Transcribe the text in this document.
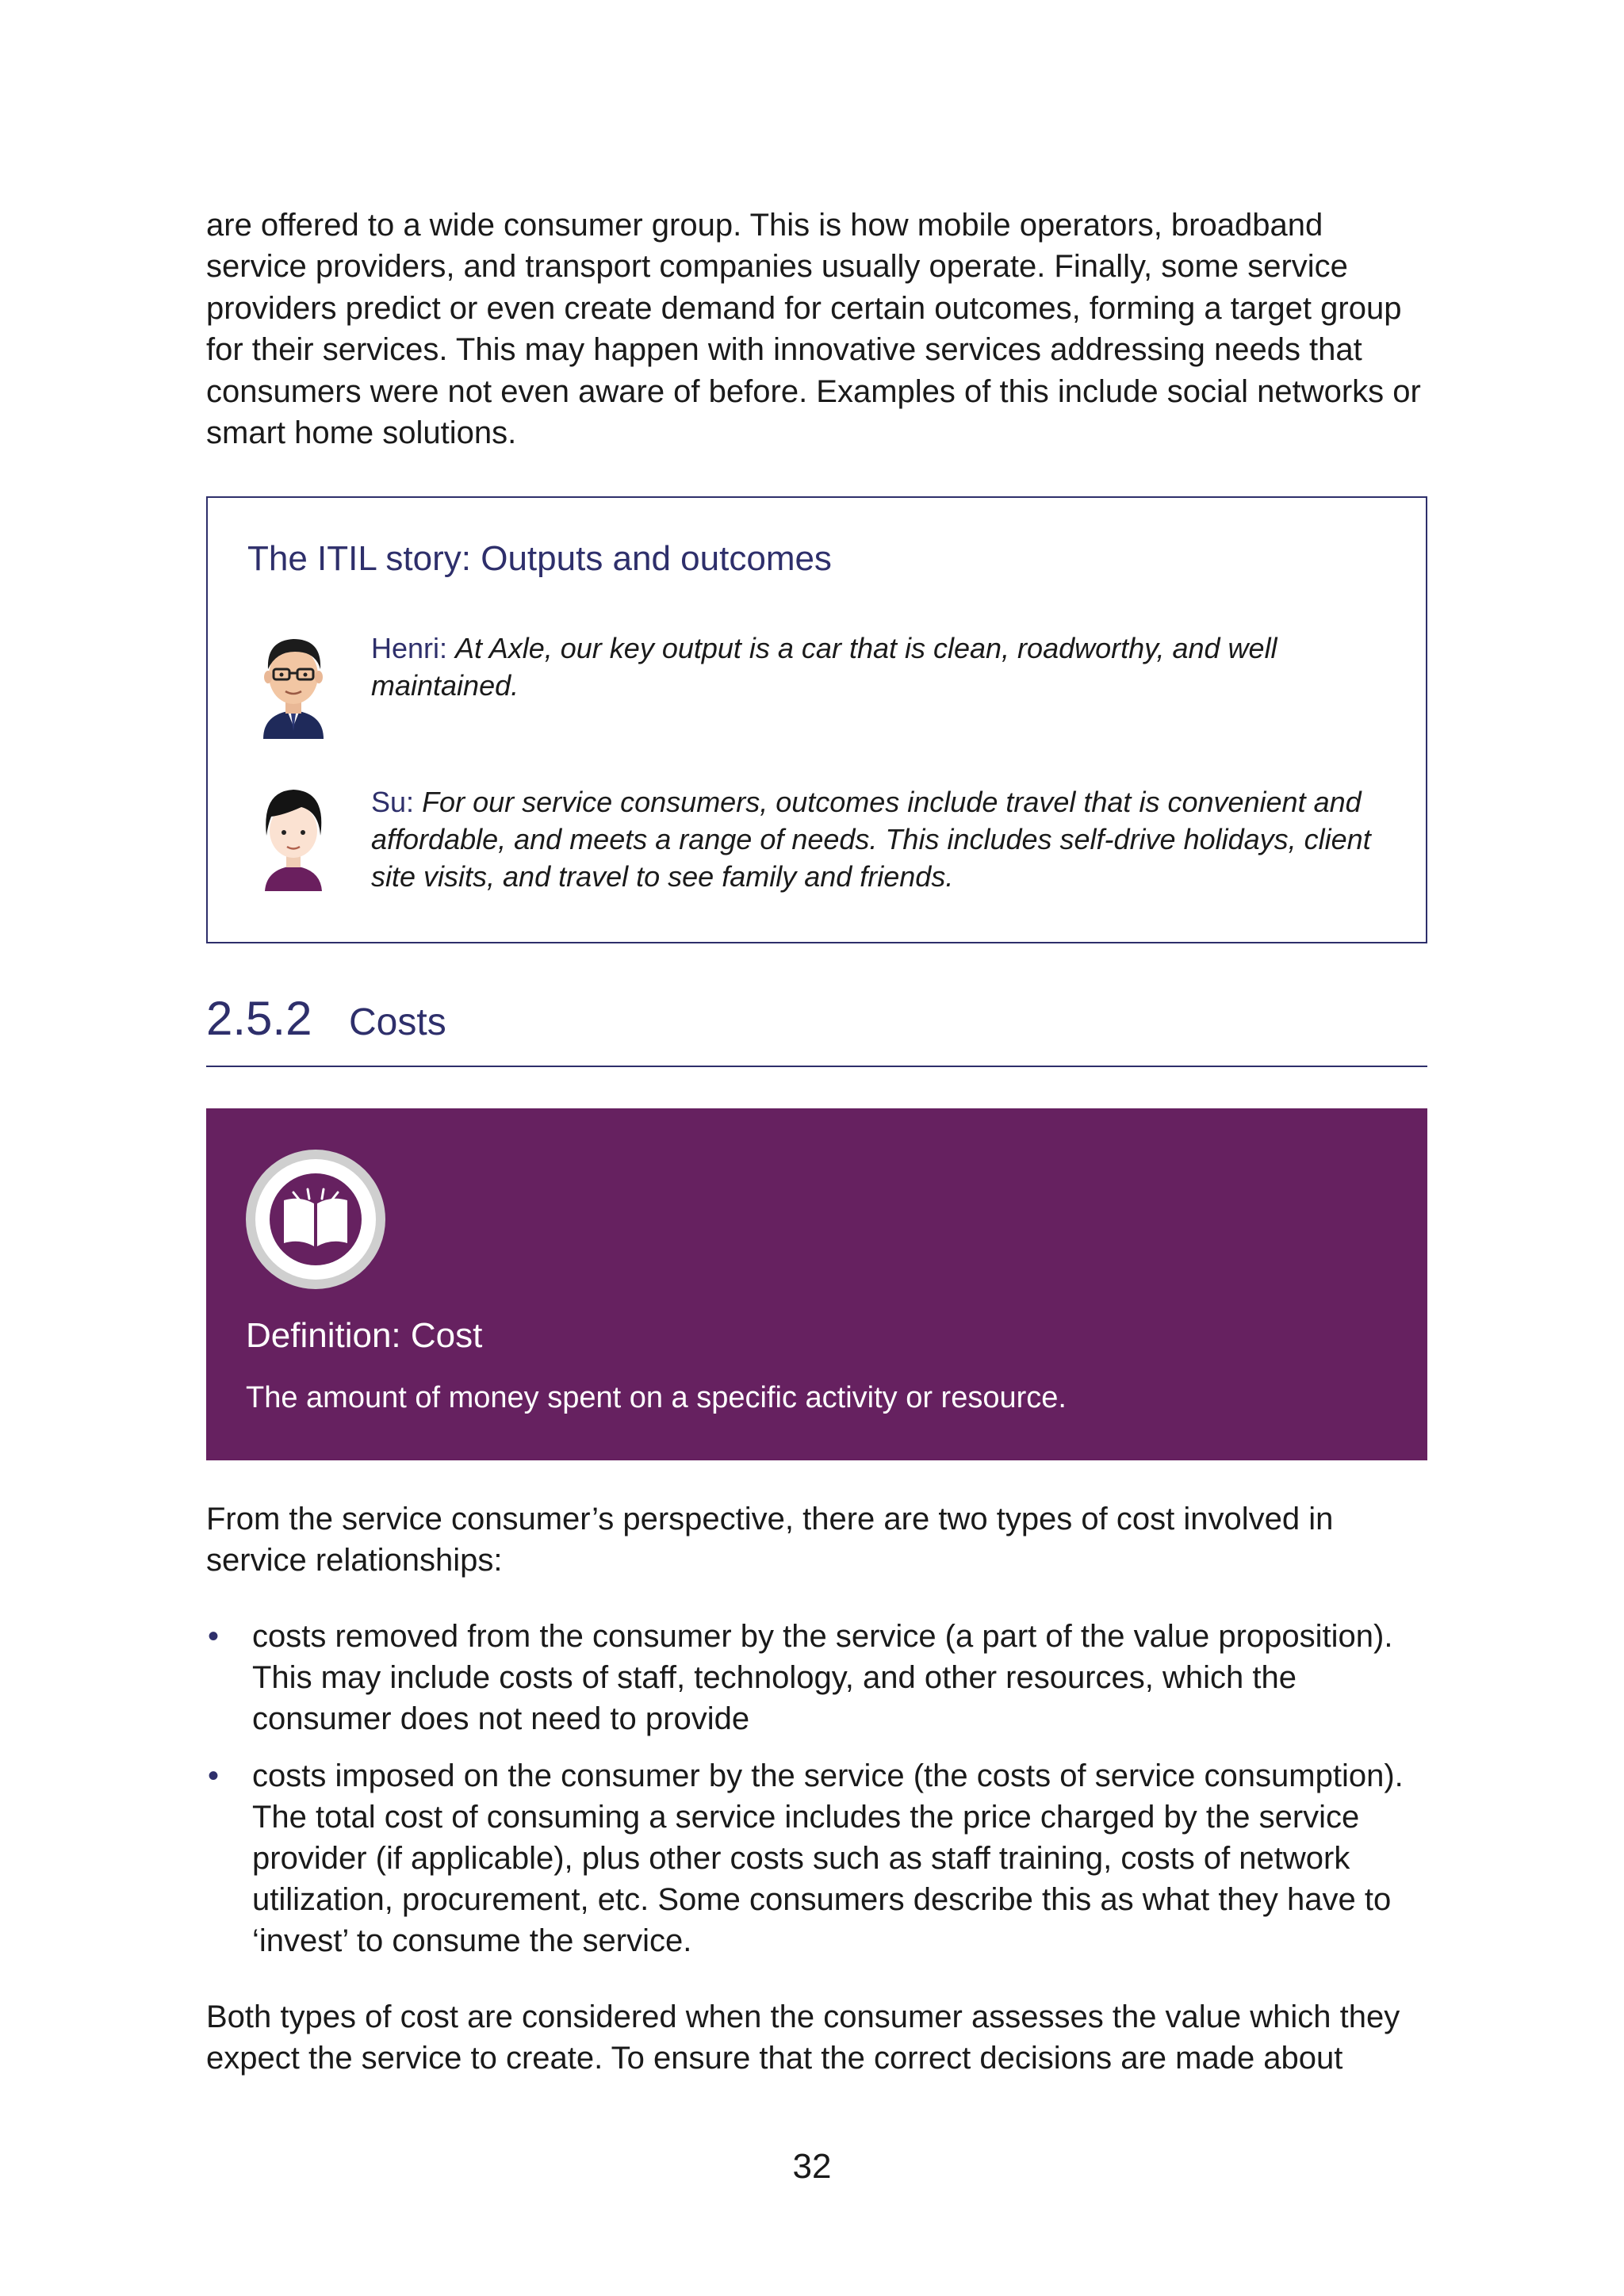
are offered to a wide consumer group. This is how mobile operators, broadband service providers, and transport companies usually operate. Finally, some service providers predict or even create demand for certain outcomes, forming a target group for their services. This may happen with innovative services addressing needs that consumers were not even aware of before. Examples of this include social networks or smart home solutions.

The ITIL story: Outputs and outcomes

Henri: At Axle, our key output is a car that is clean, roadworthy, and well maintained.

Su: For our service consumers, outcomes include travel that is convenient and affordable, and meets a range of needs. This includes self-drive holidays, client site visits, and travel to see family and friends.

2.5.2 Costs
Definition: Cost

The amount of money spent on a specific activity or resource.

From the service consumer’s perspective, there are two types of cost involved in service relationships:

• costs removed from the consumer by the service (a part of the value proposition). This may include costs of staff, technology, and other resources, which the consumer does not need to provide
• costs imposed on the consumer by the service (the costs of service consumption). The total cost of consuming a service includes the price charged by the service provider (if applicable), plus other costs such as staff training, costs of network utilization, procurement, etc. Some consumers describe this as what they have to ‘invest’ to consume the service.

Both types of cost are considered when the consumer assesses the value which they expect the service to create. To ensure that the correct decisions are made about

32
